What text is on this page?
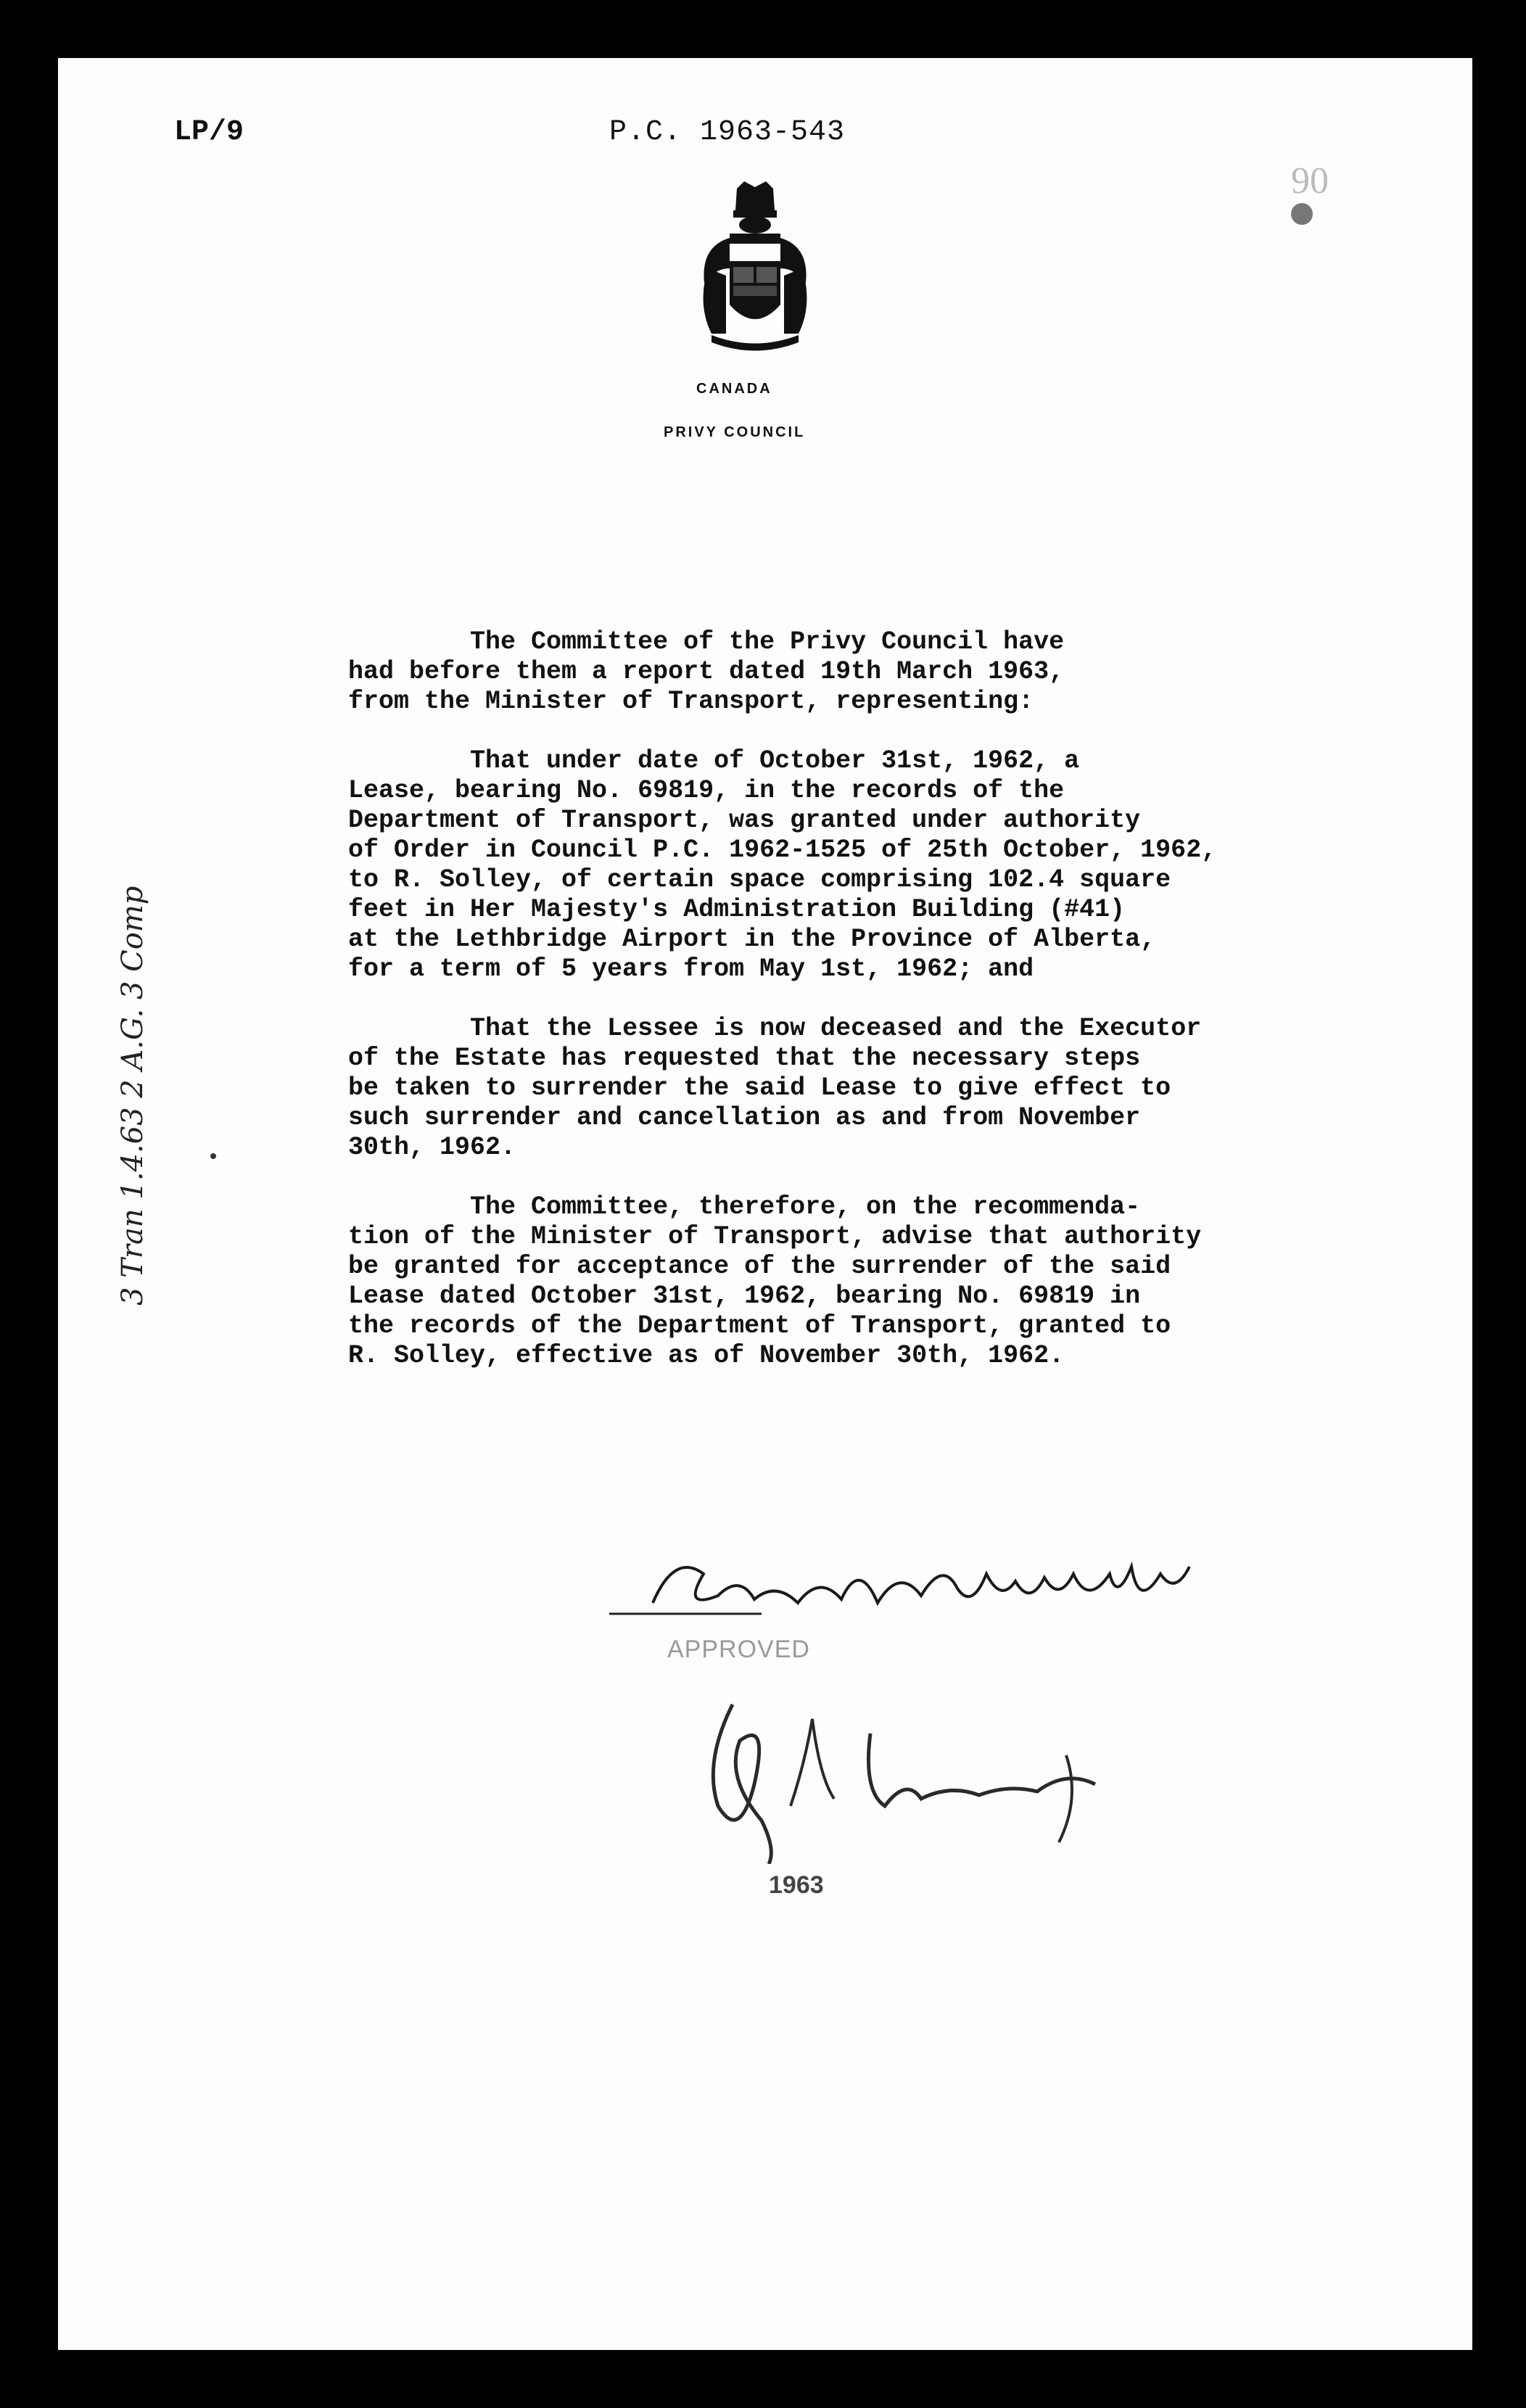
LP/9	P.C. 1963-543
90
CANADA
PRIVY COUNCIL

The Committee of the Privy Council have
had before them a report dated 19th March 1963,
from the Minister of Transport, representing:

That under date of October 31st, 1962, a
Lease, bearing No. 69819, in the records of the
Department of Transport, was granted under authority
of Order in Council P.C. 1962-1525 of 25th October, 1962,
to R. Solley, of certain space comprising 102.4 square
feet in Her Majesty's Administration Building (#41)
at the Lethbridge Airport in the Province of Alberta,
for a term of 5 years from May 1st, 1962; and

That the Lessee is now deceased and the Executor
of the Estate has requested that the necessary steps
be taken to surrender the said Lease to give effect to
such surrender and cancellation as and from November
30th, 1962.

The Committee, therefore, on the recommenda-
tion of the Minister of Transport, advise that authority
be granted for acceptance of the surrender of the said
Lease dated October 31st, 1962, bearing No. 69819 in
the records of the Department of Transport, granted to
R. Solley, effective as of November 30th, 1962.

3 Tran 1.4.63 2 A.G. 3 Comp
APPROVED
1963
